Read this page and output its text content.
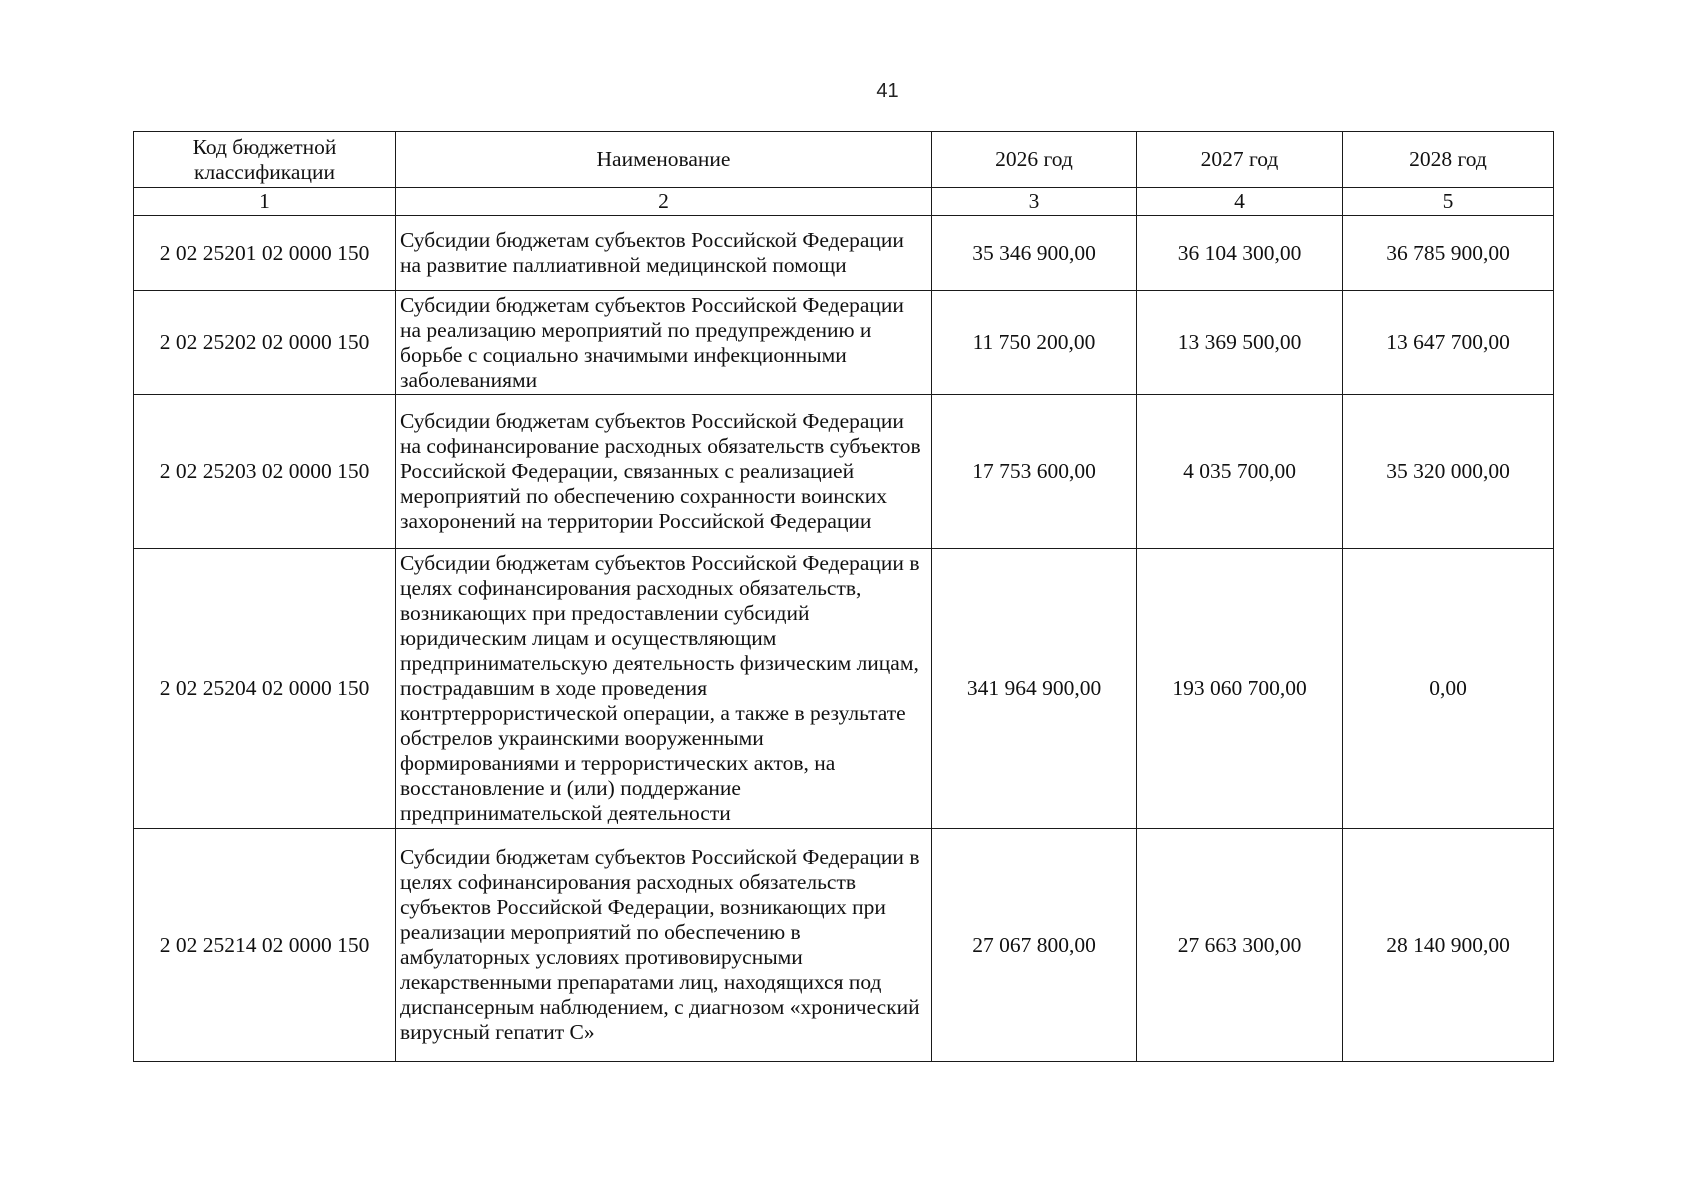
41
Код бюджетной классификации	Наименование	2026 год	2027 год	2028 год
1	2	3	4	5
2 02 25201 02 0000 150	Субсидии бюджетам субъектов Российской Федерации на развитие паллиативной медицинской помощи	35 346 900,00	36 104 300,00	36 785 900,00
2 02 25202 02 0000 150	Субсидии бюджетам субъектов Российской Федерации на реализацию мероприятий по предупреждению и борьбе с социально значимыми инфекционными заболеваниями	11 750 200,00	13 369 500,00	13 647 700,00
2 02 25203 02 0000 150	Субсидии бюджетам субъектов Российской Федерации на софинансирование расходных обязательств субъектов Российской Федерации, связанных с реализацией мероприятий по обеспечению сохранности воинских захоронений на территории Российской Федерации	17 753 600,00	4 035 700,00	35 320 000,00
2 02 25204 02 0000 150	Субсидии бюджетам субъектов Российской Федерации в целях софинансирования расходных обязательств, возникающих при предоставлении субсидий юридическим лицам и осуществляющим предпринимательскую деятельность физическим лицам, пострадавшим в ходе проведения контртеррористической операции, а также в результате обстрелов украинскими вооруженными формированиями и террористических актов, на восстановление и (или) поддержание предпринимательской деятельности	341 964 900,00	193 060 700,00	0,00
2 02 25214 02 0000 150	Субсидии бюджетам субъектов Российской Федерации в целях софинансирования расходных обязательств субъектов Российской Федерации, возникающих при реализации мероприятий по обеспечению в амбулаторных условиях противовирусными лекарственными препаратами лиц, находящихся под диспансерным наблюдением, с диагнозом «хронический вирусный гепатит С»	27 067 800,00	27 663 300,00	28 140 900,00
